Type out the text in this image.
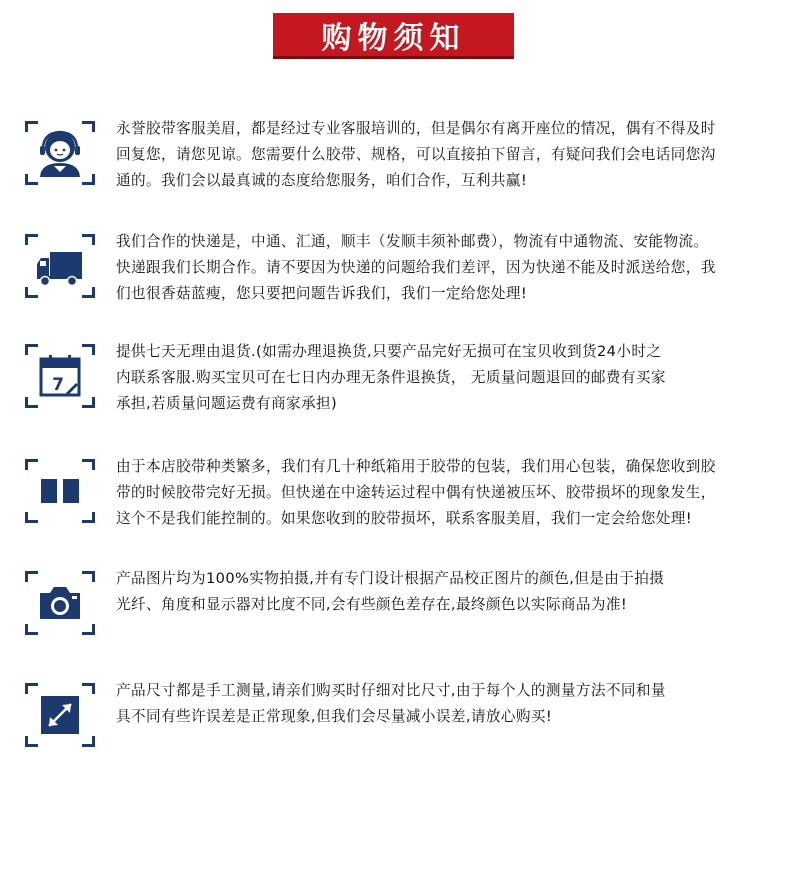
购物须知
永誉胶带客服美眉，都是经过专业客服培训的，但是偶尔有离开座位的情况，偶有不得及时
回复您，请您见谅。您需要什么胶带、规格，可以直接拍下留言，有疑问我们会电话同您沟
通的。我们会以最真诚的态度给您服务，咱们合作，互利共赢!
我们合作的快递是，中通、汇通，顺丰（发顺丰须补邮费），物流有中通物流、安能物流。
快递跟我们长期合作。请不要因为快递的问题给我们差评，因为快递不能及时派送给您，我
们也很香菇蓝瘦，您只要把问题告诉我们，我们一定给您处理!
7
提供七天无理由退货.(如需办理退换货,只要产品完好无损可在宝贝收到货24小时之
内联系客服.购买宝贝可在七日内办理无条件退换货， 无质量问题退回的邮费有买家
承担,若质量问题运费有商家承担)
由于本店胶带种类繁多，我们有几十种纸箱用于胶带的包装，我们用心包装，确保您收到胶
带的时候胶带完好无损。但快递在中途转运过程中偶有快递被压坏、胶带损坏的现象发生，
这个不是我们能控制的。如果您收到的胶带损坏，联系客服美眉，我们一定会给您处理!
产品图片均为100%实物拍摄,并有专门设计根据产品校正图片的颜色,但是由于拍摄
光纤、角度和显示器对比度不同,会有些颜色差存在,最终颜色以实际商品为准!
产品尺寸都是手工测量,请亲们购买时仔细对比尺寸,由于每个人的测量方法不同和量
具不同有些许误差是正常现象,但我们会尽量减小误差,请放心购买!
